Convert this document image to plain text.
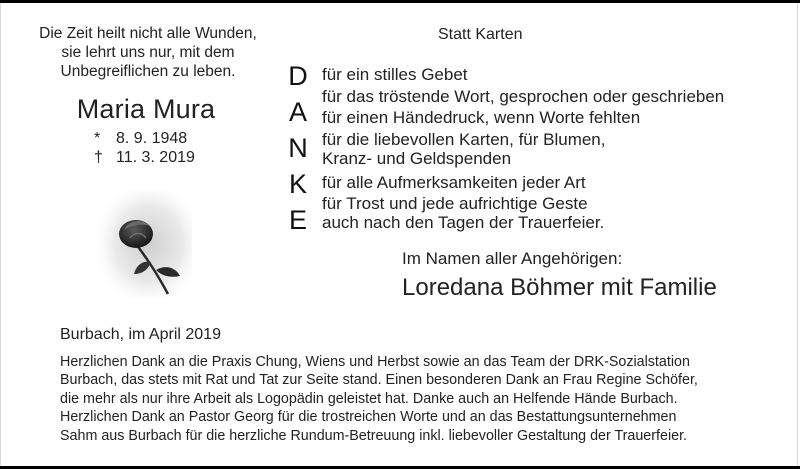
Die Zeit heilt nicht alle Wunden,
sie lehrt uns nur, mit dem
Unbegreiflichen zu leben.
Maria Mura
* 8. 9. 1948
† 11. 3. 2019
Statt Karten
D
A
N
K
E
für ein stilles Gebet
für das tröstende Wort, gesprochen oder geschrieben
für einen Händedruck, wenn Worte fehlten
für die liebevollen Karten, für Blumen,
Kranz- und Geldspenden
für alle Aufmerksamkeiten jeder Art
für Trost und jede aufrichtige Geste
auch nach den Tagen der Trauerfeier.
Im Namen aller Angehörigen:
Loredana Böhmer mit Familie
Burbach, im April 2019
Herzlichen Dank an die Praxis Chung, Wiens und Herbst sowie an das Team der DRK-Sozialstation
Burbach, das stets mit Rat und Tat zur Seite stand. Einen besonderen Dank an Frau Regine Schöfer,
die mehr als nur ihre Arbeit als Logopädin geleistet hat. Danke auch an Helfende Hände Burbach.
Herzlichen Dank an Pastor Georg für die trostreichen Worte und an das Bestattungsunternehmen
Sahm aus Burbach für die herzliche Rundum-Betreuung inkl. liebevoller Gestaltung der Trauerfeier.
